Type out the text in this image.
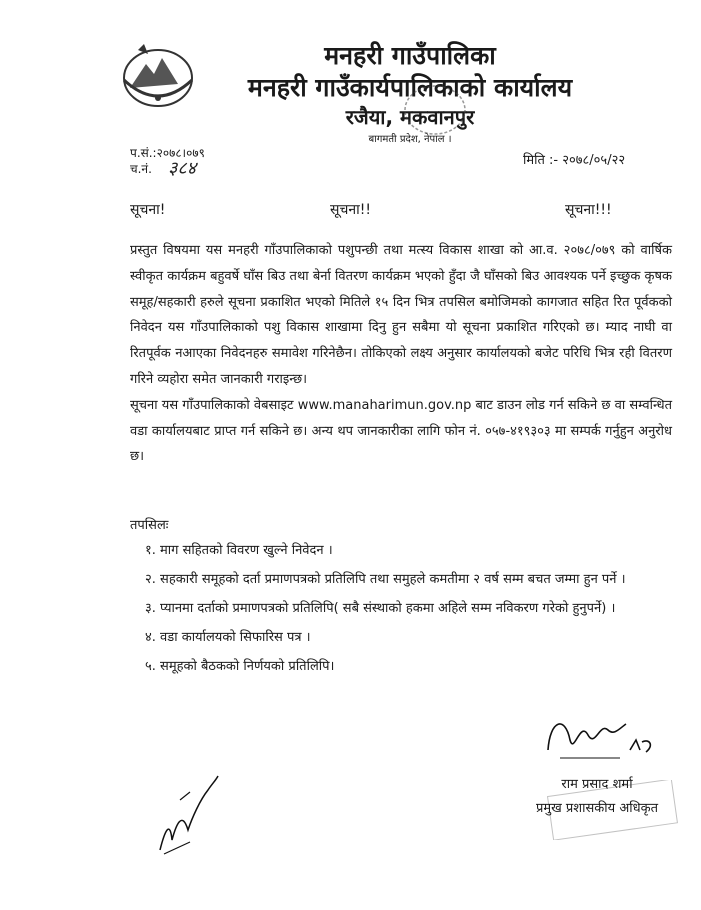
मनहरी गाउँपालिका
मनहरी गाउँकार्यपालिकाको कार्यालय
रजैया, मकवानपुर
बागमती प्रदेश, नेपाल ।
प.सं.:२०७८।०७९
च.नं. ३८४	मिति :- २०७८/०५/२२
सूचना!	सूचना!!	सूचना!!!

प्रस्तुत विषयमा यस मनहरी गाँउपालिकाको पशुपन्छी तथा मत्स्य विकास शाखा को आ.व. २०७८/०७९ को वार्षिक स्वीकृत कार्यक्रम बहुवर्षे घाँस बिउ तथा बेर्ना वितरण कार्यक्रम भएको हुँदा जै घाँसको बिउ आवश्यक पर्ने इच्छुक कृषक समूह/सहकारी हरुले सूचना प्रकाशित भएको मितिले १५ दिन भित्र तपसिल बमोजिमको कागजात सहित रित पूर्वकको निवेदन यस गाँउपालिकाको पशु विकास शाखामा दिनु हुन सबैमा यो सूचना प्रकाशित गरिएको छ। म्याद नाघी वा रितपूर्वक नआएका निवेदनहरु समावेश गरिनेछैन। तोकिएको लक्ष्य अनुसार कार्यालयको बजेट परिधि भित्र रही वितरण गरिने व्यहोरा समेत जानकारी गराइन्छ।

सूचना यस गाँउपालिकाको वेबसाइट www.manaharimun.gov.np बाट डाउन लोड गर्न सकिने छ वा सम्वन्धित वडा कार्यालयबाट प्राप्त गर्न सकिने छ। अन्य थप जानकारीका लागि फोन नं. ०५७-४१९३०३ मा सम्पर्क गर्नुहुन अनुरोध छ।

तपसिलः
१. माग सहितको विवरण खुल्ने निवेदन ।
२. सहकारी समूहको दर्ता प्रमाणपत्रको प्रतिलिपि तथा समुहले कमतीमा २ वर्ष सम्म बचत जम्मा हुन पर्ने ।
३. प्यानमा दर्ताको प्रमाणपत्रको प्रतिलिपि( सबै संस्थाको हकमा अहिले सम्म नविकरण गरेको हुनुपर्ने) ।
४. वडा कार्यालयको सिफारिस पत्र ।
५. समूहको बैठकको निर्णयको प्रतिलिपि।
राम प्रसाद शर्मा
प्रमुख प्रशासकीय अधिकृत
